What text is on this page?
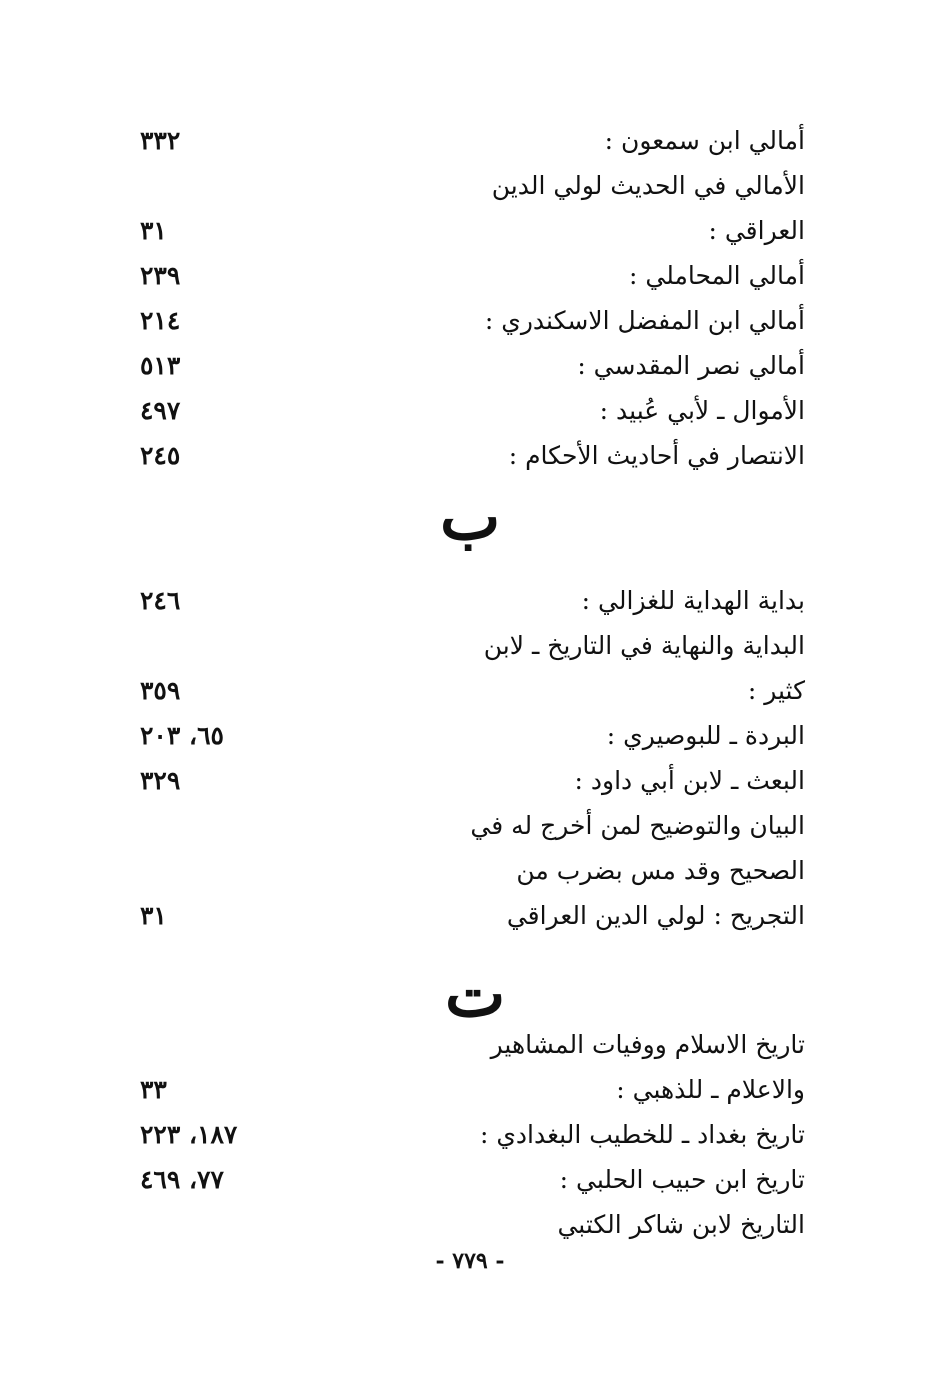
أمالي ابن سمعون :
٣٣٢
الأمالي في الحديث لولي الدين
العراقي :
٣١
أمالي المحاملي :
٢٣٩
أمالي ابن المفضل الاسكندري :
٢١٤
أمالي نصر المقدسي :
٥١٣
الأموال ـ لأبي عُبيد :
٤٩٧
الانتصار في أحاديث الأحكام :
٢٤٥
ب
بداية الهداية للغزالي :
٢٤٦
البداية والنهاية في التاريخ ـ لابن
كثير :
٣٥٩
البردة ـ للبوصيري :
٦٥، ٢٠٣
البعث ـ لابن أبي داود :
٣٢٩
البيان والتوضيح لمن أخرج له في
الصحيح وقد مس بضرب من
التجريح : لولي الدين العراقي
٣١
ت
تاريخ الاسلام ووفيات المشاهير
والاعلام ـ للذهبي :
٣٣
تاريخ بغداد ـ للخطيب البغدادي :
١٨٧، ٢٢٣
تاريخ ابن حبيب الحلبي :
٧٧، ٤٦٩
التاريخ لابن شاكر الكتبي
- ٧٧٩ -
